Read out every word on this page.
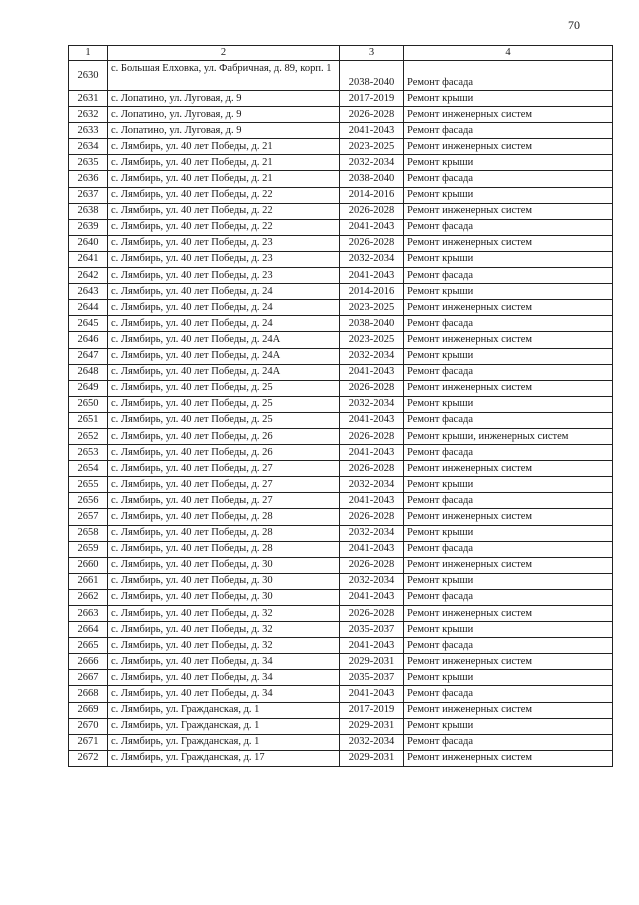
70
1	2	3	4
2630	с. Большая Елховка, ул. Фабричная, д. 89, корп. 1	2038-2040	Ремонт фасада
2631	с. Лопатино, ул. Луговая, д. 9	2017-2019	Ремонт крыши
2632	с. Лопатино, ул. Луговая, д. 9	2026-2028	Ремонт инженерных систем
2633	с. Лопатино, ул. Луговая, д. 9	2041-2043	Ремонт фасада
2634	с. Лямбирь, ул. 40 лет Победы, д. 21	2023-2025	Ремонт инженерных систем
2635	с. Лямбирь, ул. 40 лет Победы, д. 21	2032-2034	Ремонт крыши
2636	с. Лямбирь, ул. 40 лет Победы, д. 21	2038-2040	Ремонт фасада
2637	с. Лямбирь, ул. 40 лет Победы, д. 22	2014-2016	Ремонт крыши
2638	с. Лямбирь, ул. 40 лет Победы, д. 22	2026-2028	Ремонт инженерных систем
2639	с. Лямбирь, ул. 40 лет Победы, д. 22	2041-2043	Ремонт фасада
2640	с. Лямбирь, ул. 40 лет Победы, д. 23	2026-2028	Ремонт инженерных систем
2641	с. Лямбирь, ул. 40 лет Победы, д. 23	2032-2034	Ремонт крыши
2642	с. Лямбирь, ул. 40 лет Победы, д. 23	2041-2043	Ремонт фасада
2643	с. Лямбирь, ул. 40 лет Победы, д. 24	2014-2016	Ремонт крыши
2644	с. Лямбирь, ул. 40 лет Победы, д. 24	2023-2025	Ремонт инженерных систем
2645	с. Лямбирь, ул. 40 лет Победы, д. 24	2038-2040	Ремонт фасада
2646	с. Лямбирь, ул. 40 лет Победы, д. 24А	2023-2025	Ремонт инженерных систем
2647	с. Лямбирь, ул. 40 лет Победы, д. 24А	2032-2034	Ремонт крыши
2648	с. Лямбирь, ул. 40 лет Победы, д. 24А	2041-2043	Ремонт фасада
2649	с. Лямбирь, ул. 40 лет Победы, д. 25	2026-2028	Ремонт инженерных систем
2650	с. Лямбирь, ул. 40 лет Победы, д. 25	2032-2034	Ремонт крыши
2651	с. Лямбирь, ул. 40 лет Победы, д. 25	2041-2043	Ремонт фасада
2652	с. Лямбирь, ул. 40 лет Победы, д. 26	2026-2028	Ремонт крыши, инженерных систем
2653	с. Лямбирь, ул. 40 лет Победы, д. 26	2041-2043	Ремонт фасада
2654	с. Лямбирь, ул. 40 лет Победы, д. 27	2026-2028	Ремонт инженерных систем
2655	с. Лямбирь, ул. 40 лет Победы, д. 27	2032-2034	Ремонт крыши
2656	с. Лямбирь, ул. 40 лет Победы, д. 27	2041-2043	Ремонт фасада
2657	с. Лямбирь, ул. 40 лет Победы, д. 28	2026-2028	Ремонт инженерных систем
2658	с. Лямбирь, ул. 40 лет Победы, д. 28	2032-2034	Ремонт крыши
2659	с. Лямбирь, ул. 40 лет Победы, д. 28	2041-2043	Ремонт фасада
2660	с. Лямбирь, ул. 40 лет Победы, д. 30	2026-2028	Ремонт инженерных систем
2661	с. Лямбирь, ул. 40 лет Победы, д. 30	2032-2034	Ремонт крыши
2662	с. Лямбирь, ул. 40 лет Победы, д. 30	2041-2043	Ремонт фасада
2663	с. Лямбирь, ул. 40 лет Победы, д. 32	2026-2028	Ремонт инженерных систем
2664	с. Лямбирь, ул. 40 лет Победы, д. 32	2035-2037	Ремонт крыши
2665	с. Лямбирь, ул. 40 лет Победы, д. 32	2041-2043	Ремонт фасада
2666	с. Лямбирь, ул. 40 лет Победы, д. 34	2029-2031	Ремонт инженерных систем
2667	с. Лямбирь, ул. 40 лет Победы, д. 34	2035-2037	Ремонт крыши
2668	с. Лямбирь, ул. 40 лет Победы, д. 34	2041-2043	Ремонт фасада
2669	с. Лямбирь, ул. Гражданская, д. 1	2017-2019	Ремонт инженерных систем
2670	с. Лямбирь, ул. Гражданская, д. 1	2029-2031	Ремонт крыши
2671	с. Лямбирь, ул. Гражданская, д. 1	2032-2034	Ремонт фасада
2672	с. Лямбирь, ул. Гражданская, д. 17	2029-2031	Ремонт инженерных систем
